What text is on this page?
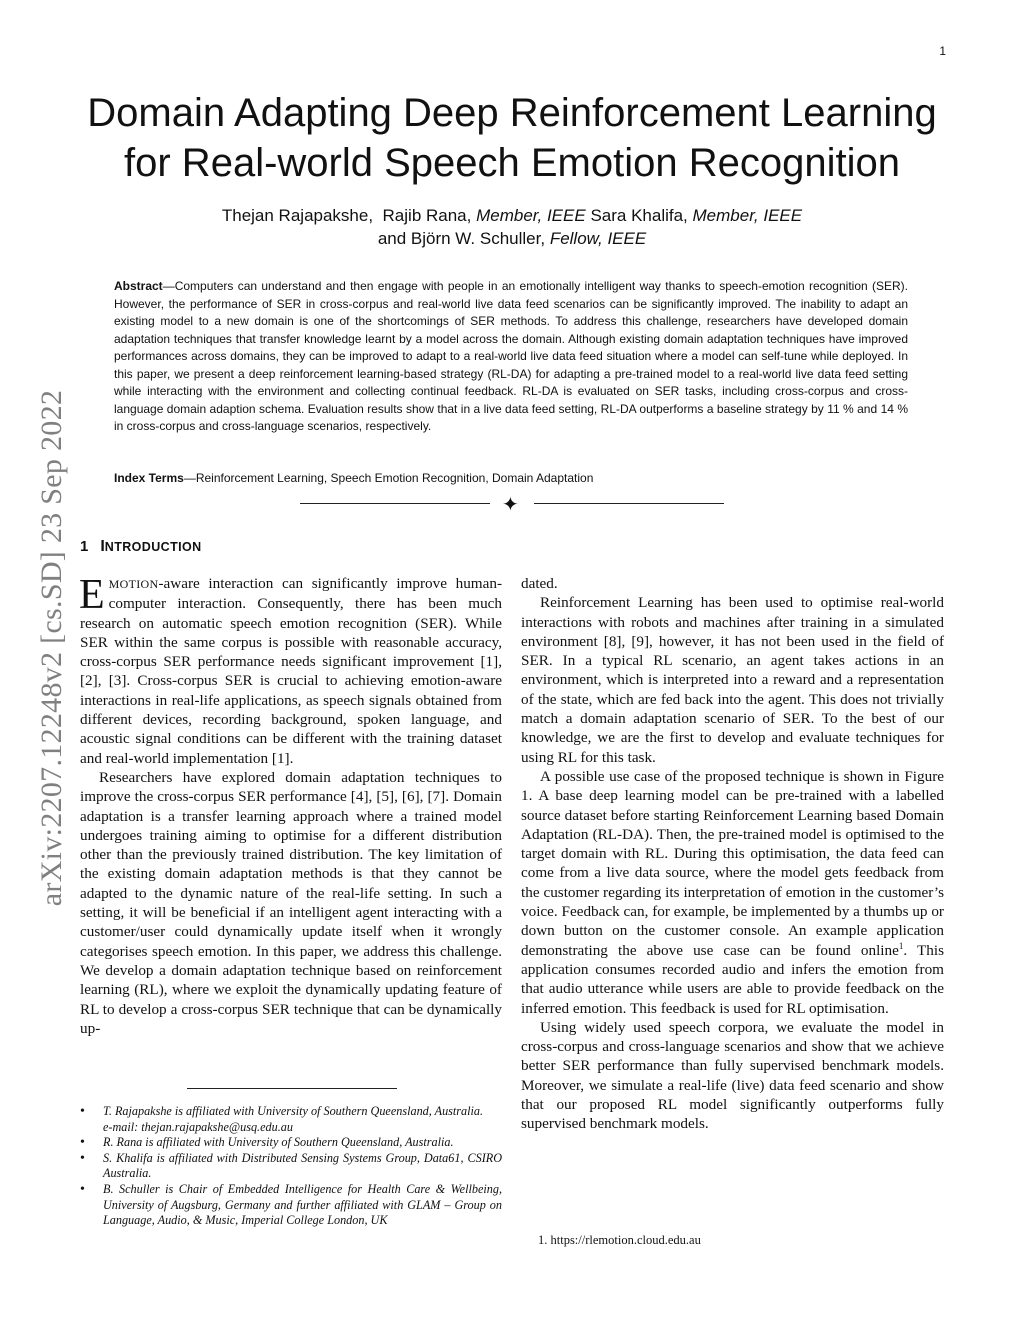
1
arXiv:2207.12248v2 [cs.SD] 23 Sep 2022
Domain Adapting Deep Reinforcement Learning
for Real-world Speech Emotion Recognition
Thejan Rajapakshe, Rajib Rana, Member, IEEE Sara Khalifa, Member, IEEE
and Björn W. Schuller, Fellow, IEEE

Abstract—Computers can understand and then engage with people in an emotionally intelligent way thanks to speech-emotion recognition (SER). However, the performance of SER in cross-corpus and real-world live data feed scenarios can be significantly improved. The inability to adapt an existing model to a new domain is one of the shortcomings of SER methods. To address this challenge, researchers have developed domain adaptation techniques that transfer knowledge learnt by a model across the domain. Although existing domain adaptation techniques have improved performances across domains, they can be improved to adapt to a real-world live data feed situation where a model can self-tune while deployed. In this paper, we present a deep reinforcement learning-based strategy (RL-DA) for adapting a pre-trained model to a real-world live data feed setting while interacting with the environment and collecting continual feedback. RL-DA is evaluated on SER tasks, including cross-corpus and cross-language domain adaption schema. Evaluation results show that in a live data feed setting, RL-DA outperforms a baseline strategy by 11 % and 14 % in cross-corpus and cross-language scenarios, respectively.

Index Terms—Reinforcement Learning, Speech Emotion Recognition, Domain Adaptation

✦
1 INTRODUCTION

EMOTION-aware interaction can significantly improve human-computer interaction. Consequently, there has been much research on automatic speech emotion recognition (SER). While SER within the same corpus is possible with reasonable accuracy, cross-corpus SER performance needs significant improvement [1], [2], [3]. Cross-corpus SER is crucial to achieving emotion-aware interactions in real-life applications, as speech signals obtained from different devices, recording background, spoken language, and acoustic signal conditions can be different with the training dataset and real-world implementation [1].

Researchers have explored domain adaptation techniques to improve the cross-corpus SER performance [4], [5], [6], [7]. Domain adaptation is a transfer learning approach where a trained model undergoes training aiming to optimise for a different distribution other than the previously trained distribution. The key limitation of the existing domain adaptation methods is that they cannot be adapted to the dynamic nature of the real-life setting. In such a setting, it will be beneficial if an intelligent agent interacting with a customer/user could dynamically update itself when it wrongly categorises speech emotion. In this paper, we address this challenge. We develop a domain adaptation technique based on reinforcement learning (RL), where we exploit the dynamically updating feature of RL to develop a cross-corpus SER technique that can be dynamically up-

dated.

Reinforcement Learning has been used to optimise real-world interactions with robots and machines after training in a simulated environment [8], [9], however, it has not been used in the field of SER. In a typical RL scenario, an agent takes actions in an environment, which is interpreted into a reward and a representation of the state, which are fed back into the agent. This does not trivially match a domain adaptation scenario of SER. To the best of our knowledge, we are the first to develop and evaluate techniques for using RL for this task.

A possible use case of the proposed technique is shown in Figure 1. A base deep learning model can be pre-trained with a labelled source dataset before starting Reinforcement Learning based Domain Adaptation (RL-DA). Then, the pre-trained model is optimised to the target domain with RL. During this optimisation, the data feed can come from a live data source, where the model gets feedback from the customer regarding its interpretation of emotion in the customer’s voice. Feedback can, for example, be implemented by a thumbs up or down button on the customer console. An example application demonstrating the above use case can be found online$^1$. This application consumes recorded audio and infers the emotion from that audio utterance while users are able to provide feedback on the inferred emotion. This feedback is used for RL optimisation.

Using widely used speech corpora, we evaluate the model in cross-corpus and cross-language scenarios and show that we achieve better SER performance than fully supervised benchmark models. Moreover, we simulate a real-life (live) data feed scenario and show that our proposed RL model significantly outperforms fully supervised benchmark models.

• T. Rajapakshe is affiliated with University of Southern Queensland, Australia.
e-mail: thejan.rajapakshe@usq.edu.au
• R. Rana is affiliated with University of Southern Queensland, Australia.
• S. Khalifa is affiliated with Distributed Sensing Systems Group, Data61, CSIRO Australia.
• B. Schuller is Chair of Embedded Intelligence for Health Care & Wellbeing, University of Augsburg, Germany and further affiliated with GLAM – Group on Language, Audio, & Music, Imperial College London, UK
1. https://rlemotion.cloud.edu.au
